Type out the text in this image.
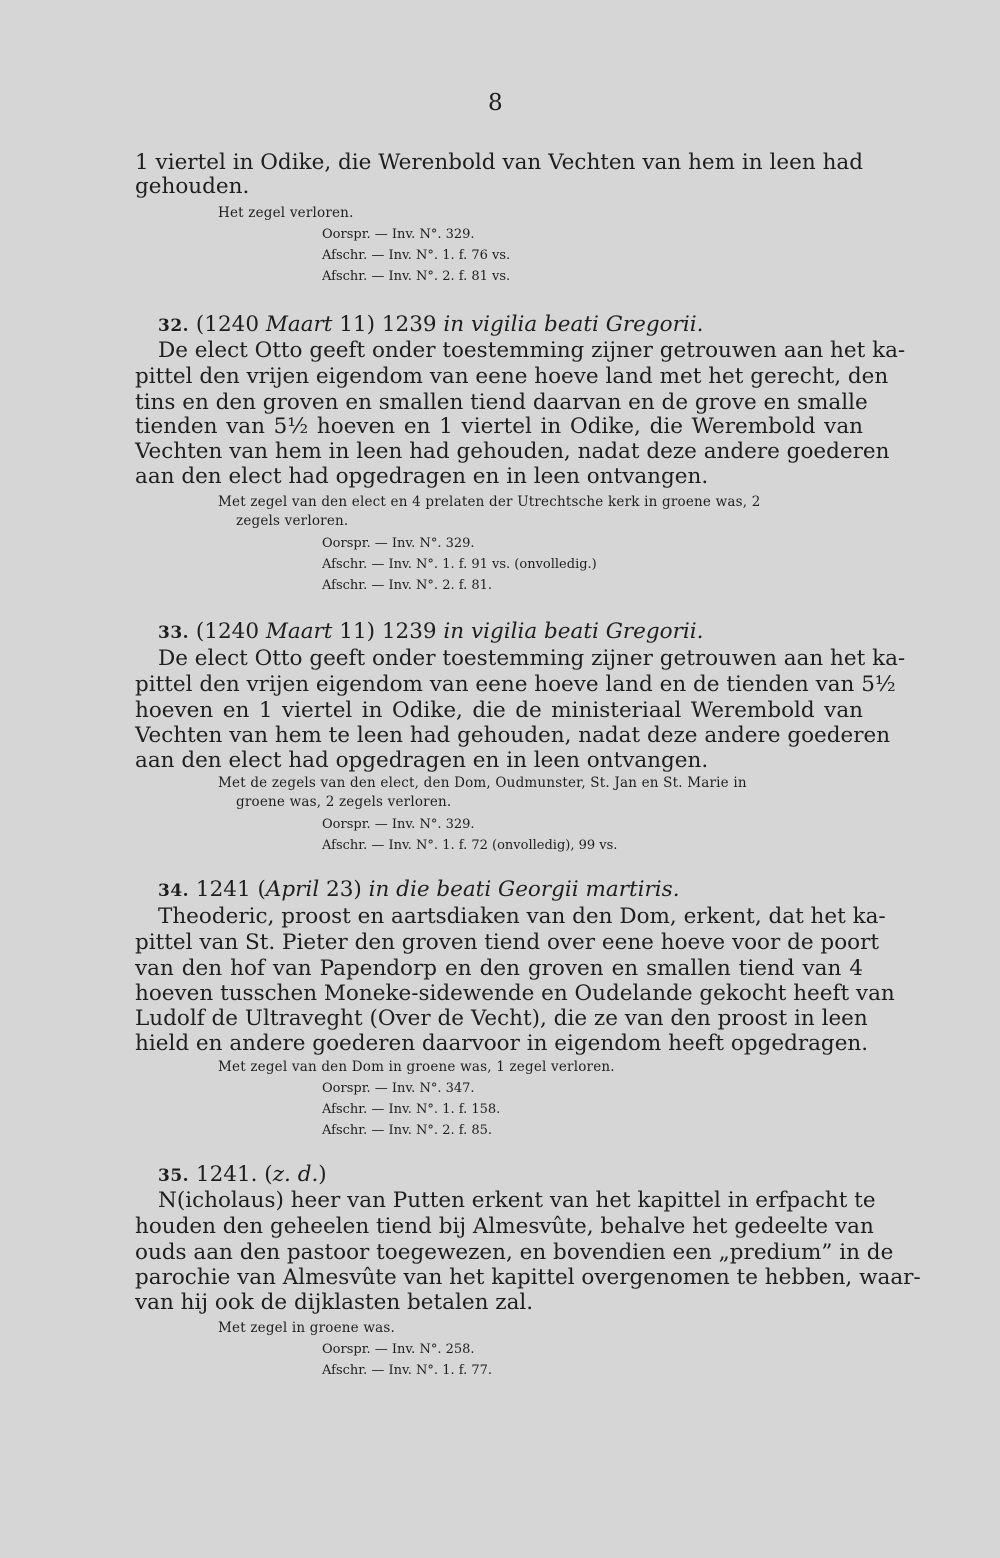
8
1 viertel in Odike, die Werenbold van Vechten van hem in leen had
gehouden.
Het zegel verloren.
Oorspr. — Inv. N°. 329.
Afschr. — Inv. N°. 1. f. 76 vs.
Afschr. — Inv. N°. 2. f. 81 vs.
32. (1240 Maart 11) 1239 in vigilia beati Gregorii.
De elect Otto geeft onder toestemming zijner getrouwen aan het ka-
pittel den vrijen eigendom van eene hoeve land met het gerecht, den
tins en den groven en smallen tiend daarvan en de grove en smalle
tienden van 5½ hoeven en 1 viertel in Odike, die Werembold van
Vechten van hem in leen had gehouden, nadat deze andere goederen
aan den elect had opgedragen en in leen ontvangen.
Met zegel van den elect en 4 prelaten der Utrechtsche kerk in groene was, 2
zegels verloren.
Oorspr. — Inv. N°. 329.
Afschr. — Inv. N°. 1. f. 91 vs. (onvolledig.)
Afschr. — Inv. N°. 2. f. 81.
33. (1240 Maart 11) 1239 in vigilia beati Gregorii.
De elect Otto geeft onder toestemming zijner getrouwen aan het ka-
pittel den vrijen eigendom van eene hoeve land en de tienden van 5½
hoeven en 1 viertel in Odike, die de ministeriaal Werembold van
Vechten van hem te leen had gehouden, nadat deze andere goederen
aan den elect had opgedragen en in leen ontvangen.
Met de zegels van den elect, den Dom, Oudmunster, St. Jan en St. Marie in
groene was, 2 zegels verloren.
Oorspr. — Inv. N°. 329.
Afschr. — Inv. N°. 1. f. 72 (onvolledig), 99 vs.
34. 1241 (April 23) in die beati Georgii martiris.
Theoderic, proost en aartsdiaken van den Dom, erkent, dat het ka-
pittel van St. Pieter den groven tiend over eene hoeve voor de poort
van den hof van Papendorp en den groven en smallen tiend van 4
hoeven tusschen Moneke-sidewende en Oudelande gekocht heeft van
Ludolf de Ultraveght (Over de Vecht), die ze van den proost in leen
hield en andere goederen daarvoor in eigendom heeft opgedragen.
Met zegel van den Dom in groene was, 1 zegel verloren.
Oorspr. — Inv. N°. 347.
Afschr. — Inv. N°. 1. f. 158.
Afschr. — Inv. N°. 2. f. 85.
35. 1241. (z. d.)
N(icholaus) heer van Putten erkent van het kapittel in erfpacht te
houden den geheelen tiend bij Almesvûte, behalve het gedeelte van
ouds aan den pastoor toegewezen, en bovendien een „predium” in de
parochie van Almesvûte van het kapittel overgenomen te hebben, waar-
van hij ook de dijklasten betalen zal.
Met zegel in groene was.
Oorspr. — Inv. N°. 258.
Afschr. — Inv. N°. 1. f. 77.
